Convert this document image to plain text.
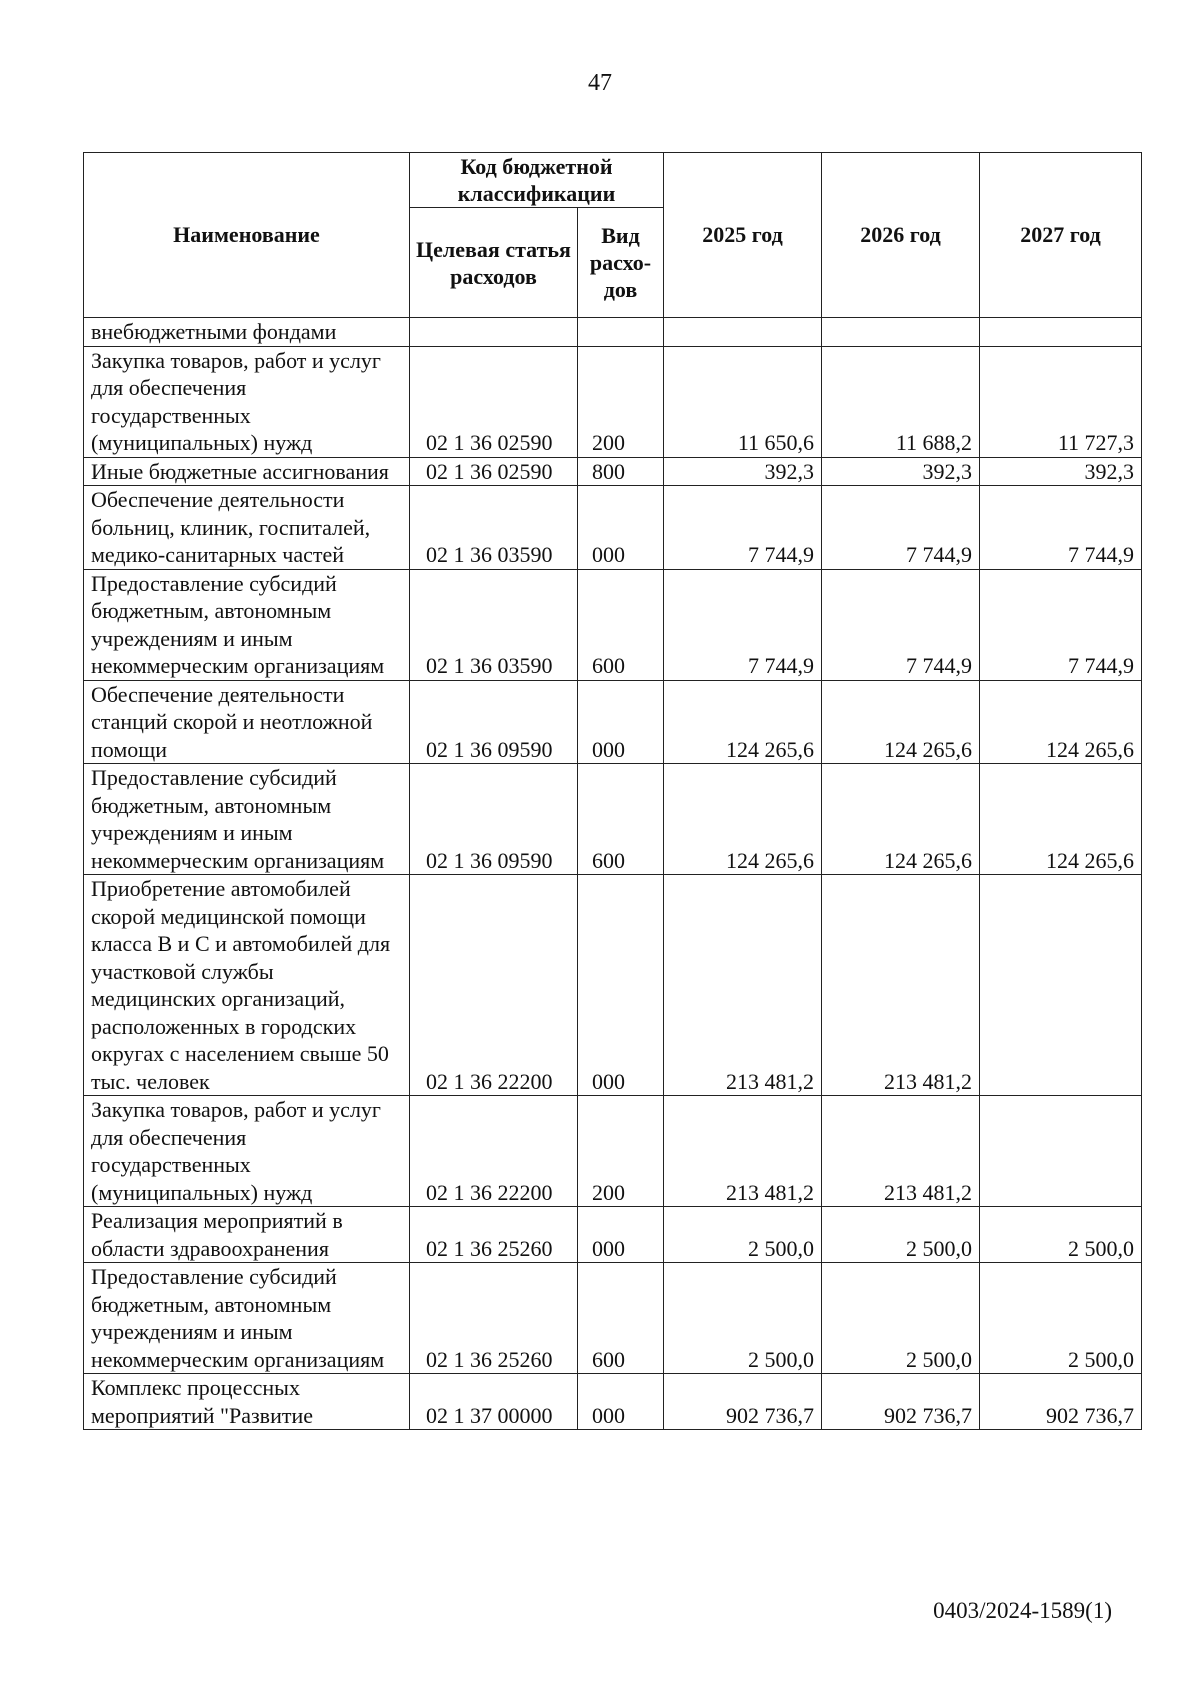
47
Наименование	Код бюджетной классификации		2025 год	2026 год	2027 год
	Целевая статья расходов	Вид расхо-дов			
внебюджетными фондами					
Закупка товаров, работ и услуг для обеспечения государственных (муниципальных) нужд	02 1 36 02590	200	11 650,6	11 688,2	11 727,3
Иные бюджетные ассигнования	02 1 36 02590	800	392,3	392,3	392,3
Обеспечение деятельности больниц, клиник, госпиталей, медико-санитарных частей	02 1 36 03590	000	7 744,9	7 744,9	7 744,9
Предоставление субсидий бюджетным, автономным учреждениям и иным некоммерческим организациям	02 1 36 03590	600	7 744,9	7 744,9	7 744,9
Обеспечение деятельности станций скорой и неотложной помощи	02 1 36 09590	000	124 265,6	124 265,6	124 265,6
Предоставление субсидий бюджетным, автономным учреждениям и иным некоммерческим организациям	02 1 36 09590	600	124 265,6	124 265,6	124 265,6
Приобретение автомобилей скорой медицинской помощи класса В и С и автомобилей для участковой службы медицинских организаций, расположенных в городских округах с населением свыше 50 тыс. человек	02 1 36 22200	000	213 481,2	213 481,2	
Закупка товаров, работ и услуг для обеспечения государственных (муниципальных) нужд	02 1 36 22200	200	213 481,2	213 481,2	
Реализация мероприятий в области здравоохранения	02 1 36 25260	000	2 500,0	2 500,0	2 500,0
Предоставление субсидий бюджетным, автономным учреждениям и иным некоммерческим организациям	02 1 36 25260	600	2 500,0	2 500,0	2 500,0
Комплекс процессных мероприятий "Развитие	02 1 37 00000	000	902 736,7	902 736,7	902 736,7
0403/2024-1589(1)
